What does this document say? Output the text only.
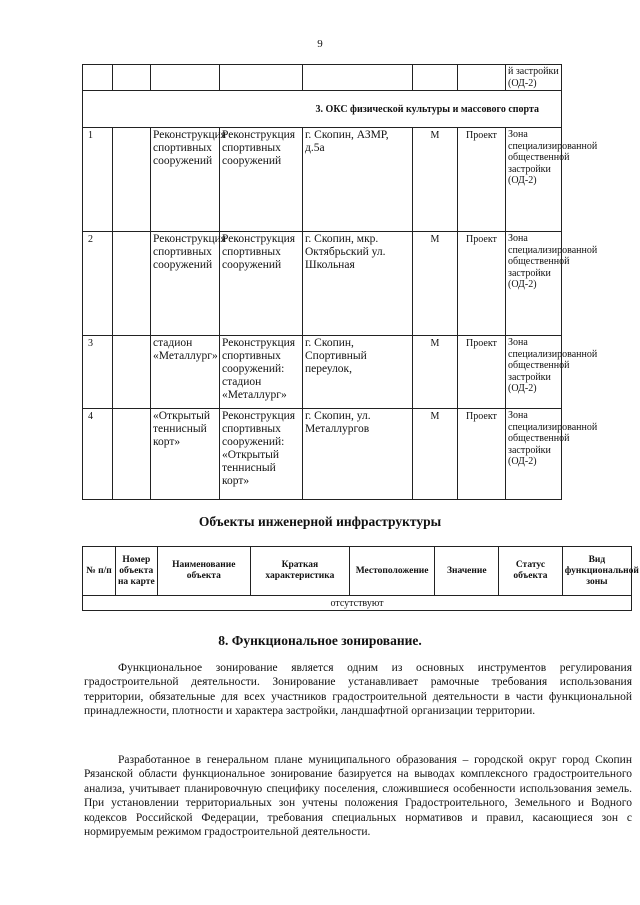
9
							й застройки (ОД-2)
3. ОКС физической культуры и массового спорта							
1		Реконструкция спортивных сооружений	Реконструкция спортивных сооружений	г. Скопин, АЗМР, д.5а	М	Проект	Зона специализированной общественной застройки (ОД-2)
2		Реконструкция спортивных сооружений	Реконструкция спортивных сооружений	г. Скопин, мкр. Октябрьский ул. Школьная	М	Проект	Зона специализированной общественной застройки (ОД-2)
3		стадион «Металлург»	Реконструкция спортивных сооружений: стадион «Металлург»	г. Скопин, Спортивный переулок,	М	Проект	Зона специализированной общественной застройки (ОД-2)
4		«Открытый теннисный корт»	Реконструкция спортивных сооружений: «Открытый теннисный корт»	г. Скопин, ул. Металлургов	М	Проект	Зона специализированной общественной застройки (ОД-2)
Объекты инженерной инфраструктуры
№ п/п	Номер объекта на карте	Наименование объекта	Краткая характеристика	Местоположение	Значение	Статус объекта	Вид функциональной зоны
отсутствуют
8. Функциональное зонирование.

Функциональное зонирование является одним из основных инструментов регулирования градостроительной деятельности. Зонирование устанавливает рамочные требования использования территории, обязательные для всех участников градостроительной деятельности в части функциональной принадлежности, плотности и характера застройки, ландшафтной организации территории.

Разработанное в генеральном плане муниципального образования – городской округ город Скопин Рязанской области функциональное зонирование базируется на выводах комплексного градостроительного анализа, учитывает планировочную специфику поселения, сложившиеся особенности использования земель. При установлении территориальных зон учтены положения Градостроительного, Земельного и Водного кодексов Российской Федерации, требования специальных нормативов и правил, касающиеся зон с нормируемым режимом градостроительной деятельности.
